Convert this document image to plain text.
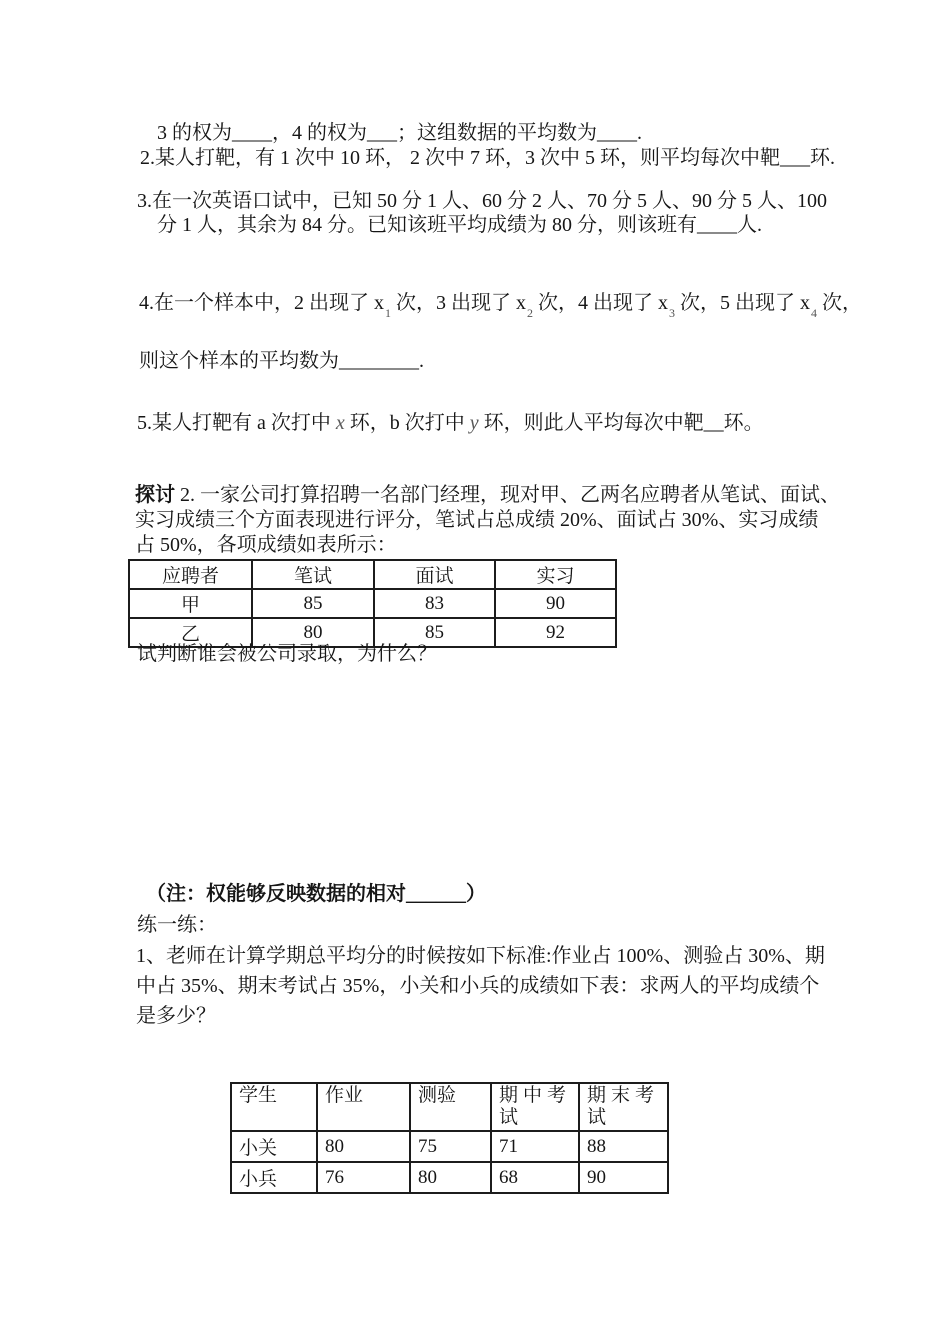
3 的权为____，4 的权为___；这组数据的平均数为____.

2.某人打靶，有 1 次中 10 环， 2 次中 7 环，3 次中 5 环，则平均每次中靶___环.

3.在一次英语口试中，已知 50 分 1 人、60 分 2 人、70 分 5 人、90 分 5 人、100
分 1 人，其余为 84 分。已知该班平均成绩为 80 分，则该班有____人.
4.在一个样本中，2 出现了 $x_1$ 次，3 出现了 $x_2$ 次，4 出现了 $x_3$ 次，5 出现了 $x_4$ 次，
则这个样本的平均数为________.

5.某人打靶有 a 次打中 x 环，b 次打中 y 环，则此人平均每次中靶__环。

探讨 2. 一家公司打算招聘一名部门经理，现对甲、乙两名应聘者从笔试、面试、
实习成绩三个方面表现进行评分，笔试占总成绩 20%、面试占 30%、实习成绩
占 50%，各项成绩如表所示：
应聘者	笔试	面试	实习
甲	85	83	90
乙	80	85	92

试判断谁会被公司录取，为什么？

（注：权能够反映数据的相对______）

练一练：

1、老师在计算学期总平均分的时候按如下标准:作业占 100%、测验占 30%、期
中占 35%、期末考试占 35%，小关和小兵的成绩如下表：求两人的平均成绩个
是多少？
学生	作业	测验	期中考试	期末考试
小关	80	75	71	88
小兵	76	80	68	90
